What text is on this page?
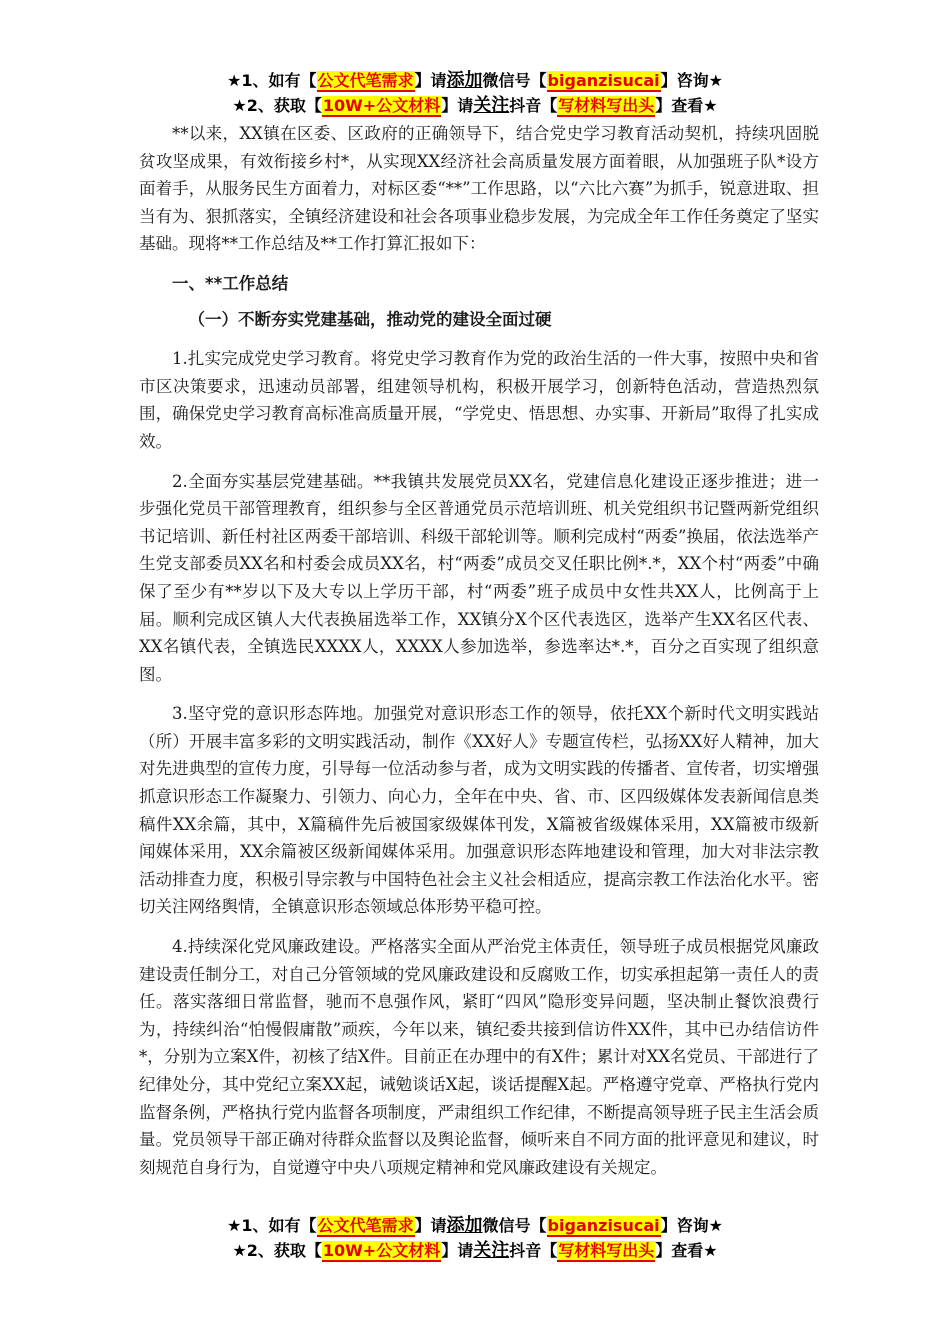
★1、如有【公文代笔需求】请添加微信号【biganzisucai】咨询★
★2、获取【10W+公文材料】请关注抖音【写材料写出头】查看★

**以来，XX镇在区委、区政府的正确领导下，结合党史学习教育活动契机，持续巩固脱贫攻坚成果，有效衔接乡村*，从实现XX经济社会高质量发展方面着眼，从加强班子队*设方面着手，从服务民生方面着力，对标区委“**”工作思路，以“六比六赛”为抓手，锐意进取、担当有为、狠抓落实，全镇经济建设和社会各项事业稳步发展，为完成全年工作任务奠定了坚实基础。现将**工作总结及**工作打算汇报如下：

一、**工作总结

（一）不断夯实党建基础，推动党的建设全面过硬

1.扎实完成党史学习教育。将党史学习教育作为党的政治生活的一件大事，按照中央和省市区决策要求，迅速动员部署，组建领导机构，积极开展学习，创新特色活动，营造热烈氛围，确保党史学习教育高标准高质量开展，“学党史、悟思想、办实事、开新局”取得了扎实成效。

2.全面夯实基层党建基础。**我镇共发展党员XX名，党建信息化建设正逐步推进；进一步强化党员干部管理教育，组织参与全区普通党员示范培训班、机关党组织书记暨两新党组织书记培训、新任村社区两委干部培训、科级干部轮训等。顺利完成村“两委”换届，依法选举产生党支部委员XX名和村委会成员XX名，村“两委”成员交叉任职比例*.*，XX个村“两委”中确保了至少有**岁以下及大专以上学历干部，村“两委”班子成员中女性共XX人，比例高于上届。顺利完成区镇人大代表换届选举工作，XX镇分X个区代表选区，选举产生XX名区代表、XX名镇代表，全镇选民XXXX人，XXXX人参加选举，参选率达*.*，百分之百实现了组织意图。

3.坚守党的意识形态阵地。加强党对意识形态工作的领导，依托XX个新时代文明实践站（所）开展丰富多彩的文明实践活动，制作《XX好人》专题宣传栏，弘扬XX好人精神，加大对先进典型的宣传力度，引导每一位活动参与者，成为文明实践的传播者、宣传者，切实增强抓意识形态工作凝聚力、引领力、向心力，全年在中央、省、市、区四级媒体发表新闻信息类稿件XX余篇，其中，X篇稿件先后被国家级媒体刊发，X篇被省级媒体采用，XX篇被市级新闻媒体采用，XX余篇被区级新闻媒体采用。加强意识形态阵地建设和管理，加大对非法宗教活动排查力度，积极引导宗教与中国特色社会主义社会相适应，提高宗教工作法治化水平。密切关注网络舆情，全镇意识形态领域总体形势平稳可控。

4.持续深化党风廉政建设。严格落实全面从严治党主体责任，领导班子成员根据党风廉政建设责任制分工，对自己分管领域的党风廉政建设和反腐败工作，切实承担起第一责任人的责任。落实落细日常监督，驰而不息强作风，紧盯“四风”隐形变异问题，坚决制止餐饮浪费行为，持续纠治“怕慢假庸散”顽疾，今年以来，镇纪委共接到信访件XX件，其中已办结信访件*，分别为立案X件，初核了结X件。目前正在办理中的有X件；累计对XX名党员、干部进行了纪律处分，其中党纪立案XX起，诫勉谈话X起，谈话提醒X起。严格遵守党章、严格执行党内监督条例，严格执行党内监督各项制度，严肃组织工作纪律，不断提高领导班子民主生活会质量。党员领导干部正确对待群众监督以及舆论监督，倾听来自不同方面的批评意见和建议，时刻规范自身行为，自觉遵守中央八项规定精神和党风廉政建设有关规定。

★1、如有【公文代笔需求】请添加微信号【biganzisucai】咨询★
★2、获取【10W+公文材料】请关注抖音【写材料写出头】查看★
